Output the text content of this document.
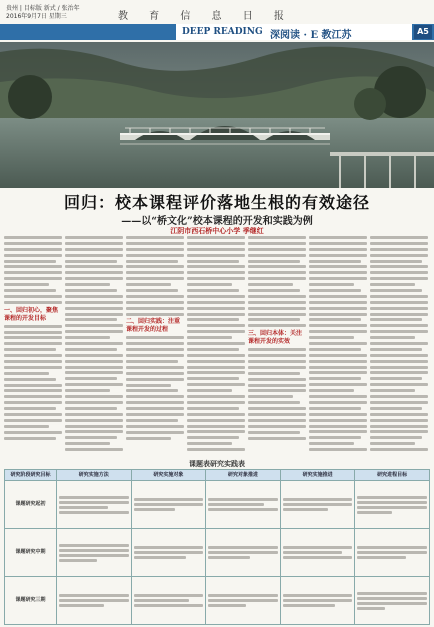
贵州 | 目标版 新式 / 张治年
2016年9月7日 星期三	教 育 信 息 日 报
DEEP READING 深阅读 · E 教江苏	A5
回归：校本课程评价落地生根的有效途径
——以“桥文化”校本课程的开发和实践为例
江阴市西石桥中心小学 季继红
一、回归初心，聚焦课程的开发目标
二、回归实践：注重课程开发的过程
三、回归本体：关注课程开发的实效
课题表研究实践表
研究阶段研究目标	研究实施方法	研究实施对象	研究对象推进	研究实施推进	研究进程目标
课题研究起初	

课题研究中期	

课题研究三期	
